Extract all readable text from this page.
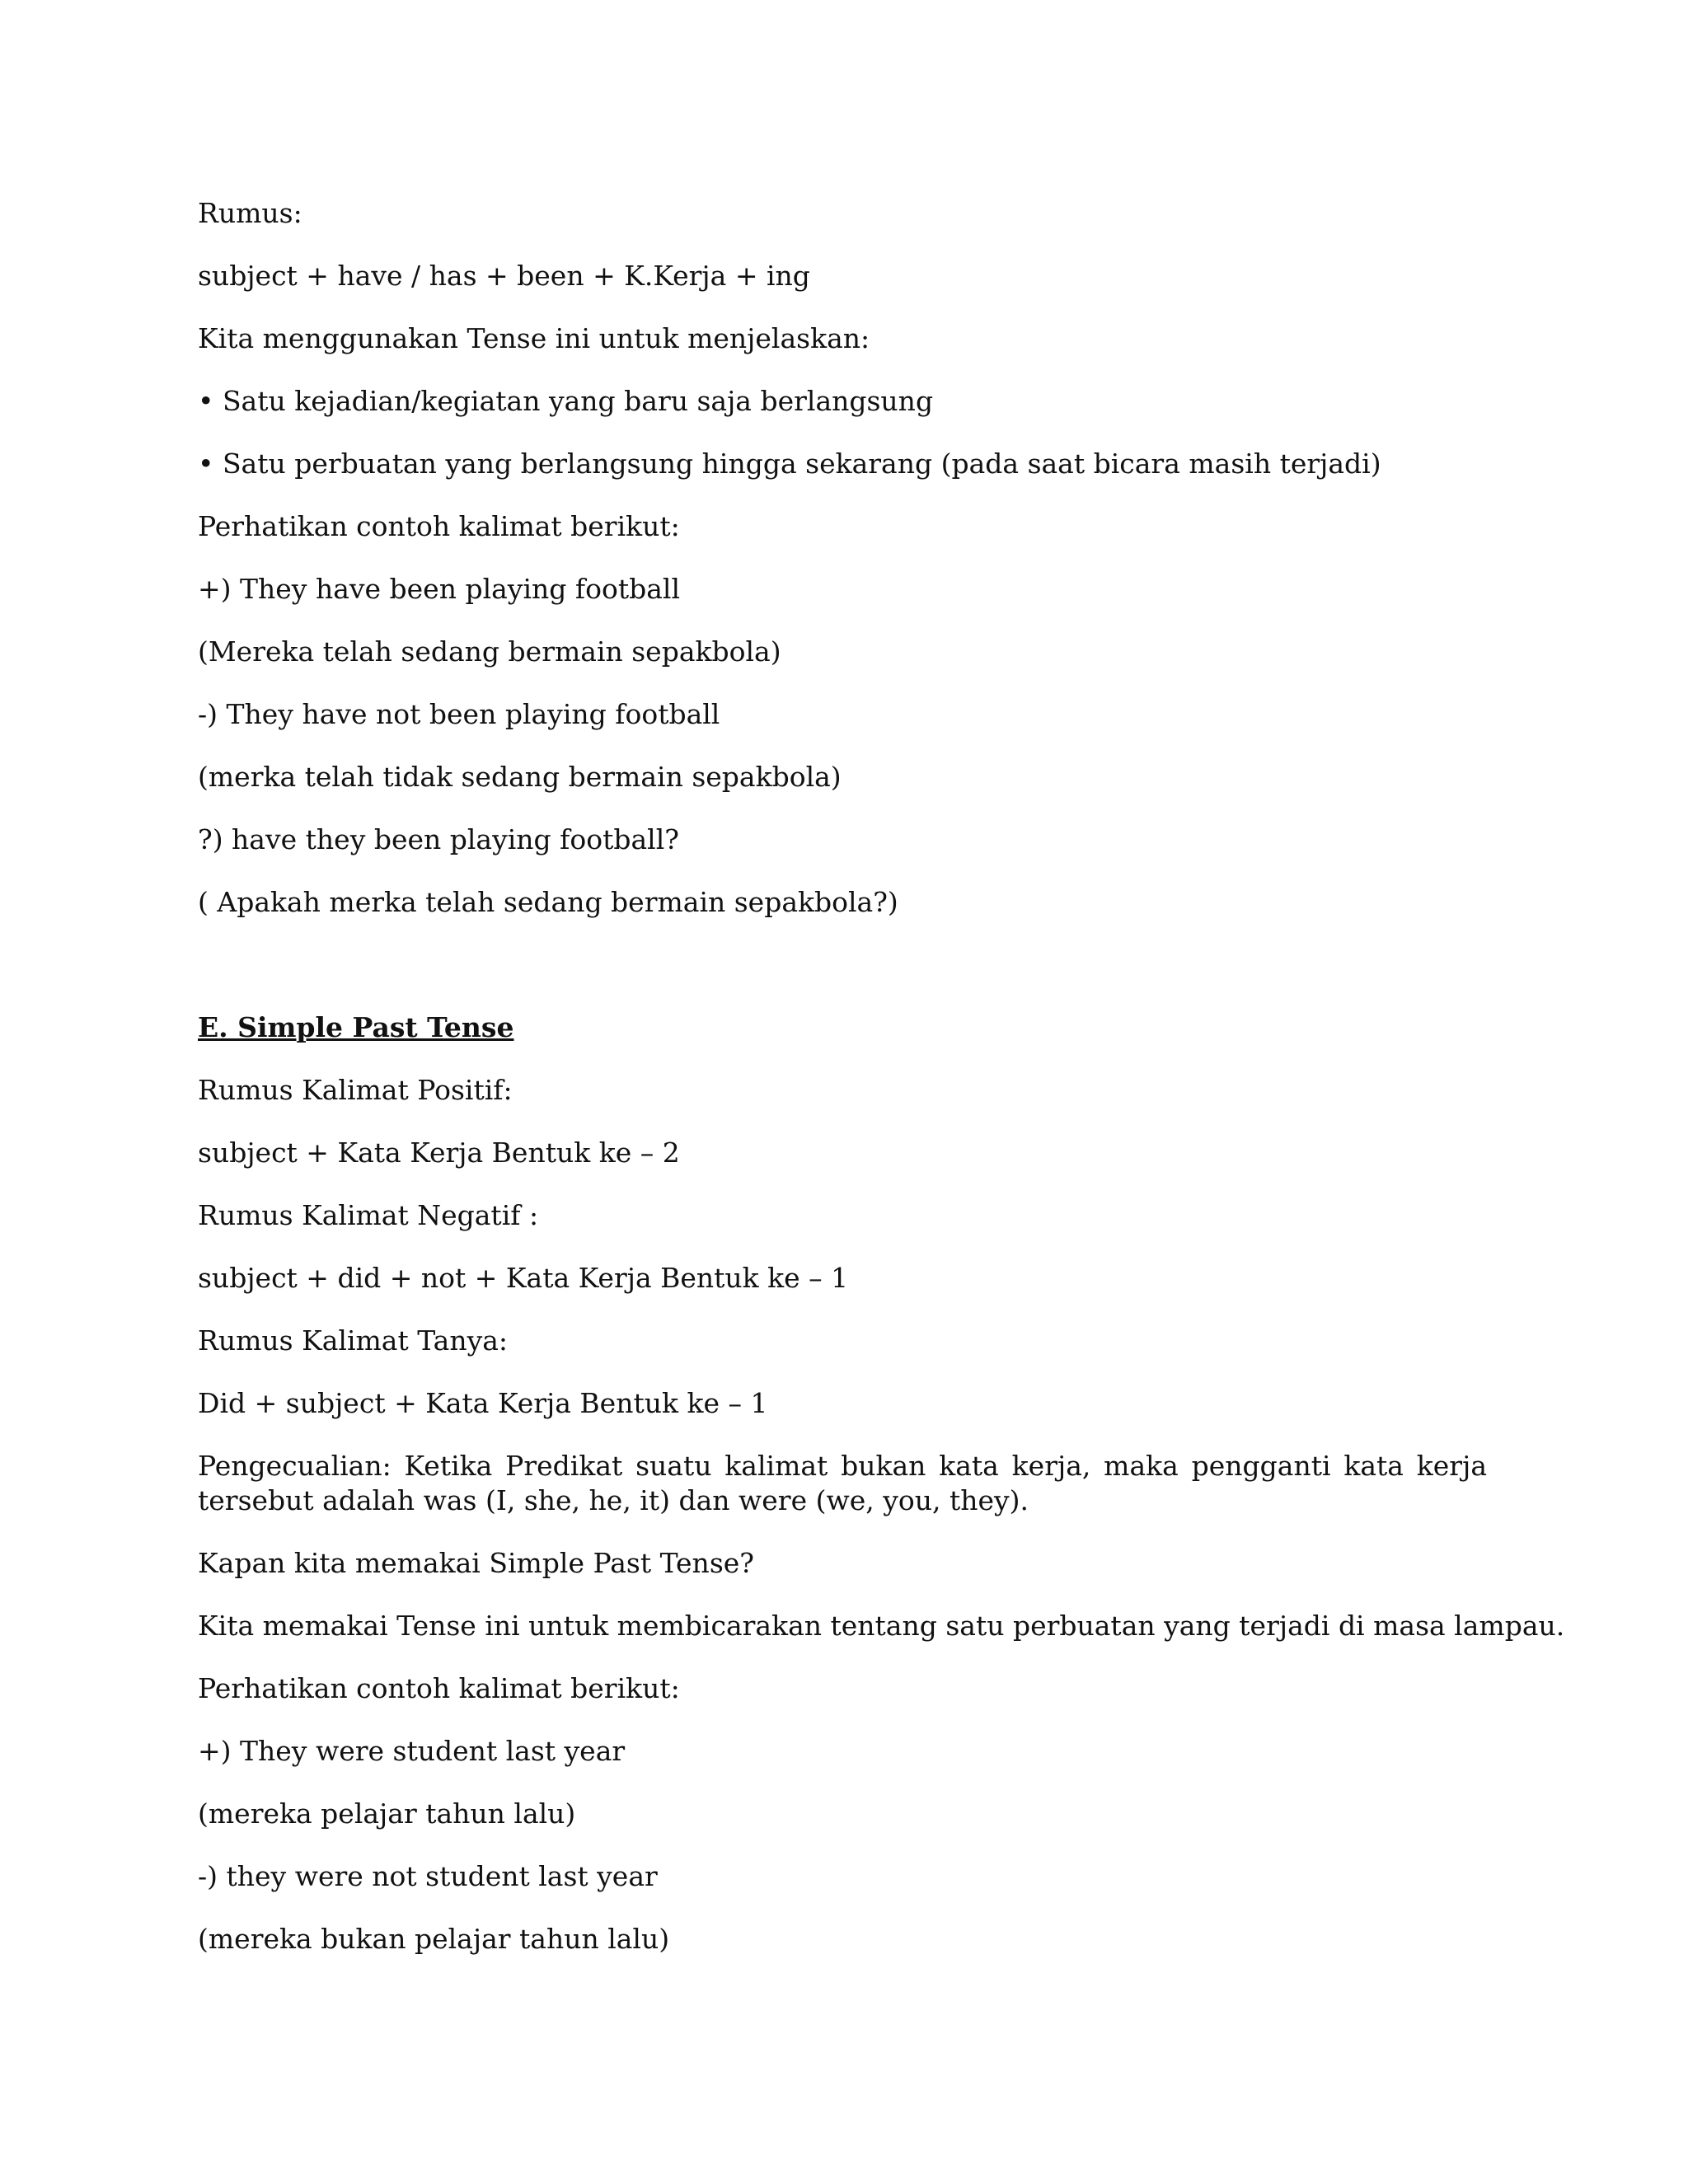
Rumus:

subject + have / has + been + K.Kerja + ing

Kita menggunakan Tense ini untuk menjelaskan:

• Satu kejadian/kegiatan yang baru saja berlangsung

• Satu perbuatan yang berlangsung hingga sekarang (pada saat bicara masih terjadi)

Perhatikan contoh kalimat berikut:

+) They have been playing football

(Mereka telah sedang bermain sepakbola)

-) They have not been playing football

(merka telah tidak sedang bermain sepakbola)

?) have they been playing football?

( Apakah merka telah sedang bermain sepakbola?)

E. Simple Past Tense

Rumus Kalimat Positif:

subject + Kata Kerja Bentuk ke – 2

Rumus Kalimat Negatif :

subject + did + not + Kata Kerja Bentuk ke – 1

Rumus Kalimat Tanya:

Did + subject + Kata Kerja Bentuk ke – 1

Pengecualian: Ketika Predikat suatu kalimat bukan kata kerja, maka pengganti kata kerja tersebut adalah was (I, she, he, it) dan were (we, you, they).

Kapan kita memakai Simple Past Tense?

Kita memakai Tense ini untuk membicarakan tentang satu perbuatan yang terjadi di masa lampau.

Perhatikan contoh kalimat berikut:

+) They were student last year

(mereka pelajar tahun lalu)

-) they were not student last year

(mereka bukan pelajar tahun lalu)
